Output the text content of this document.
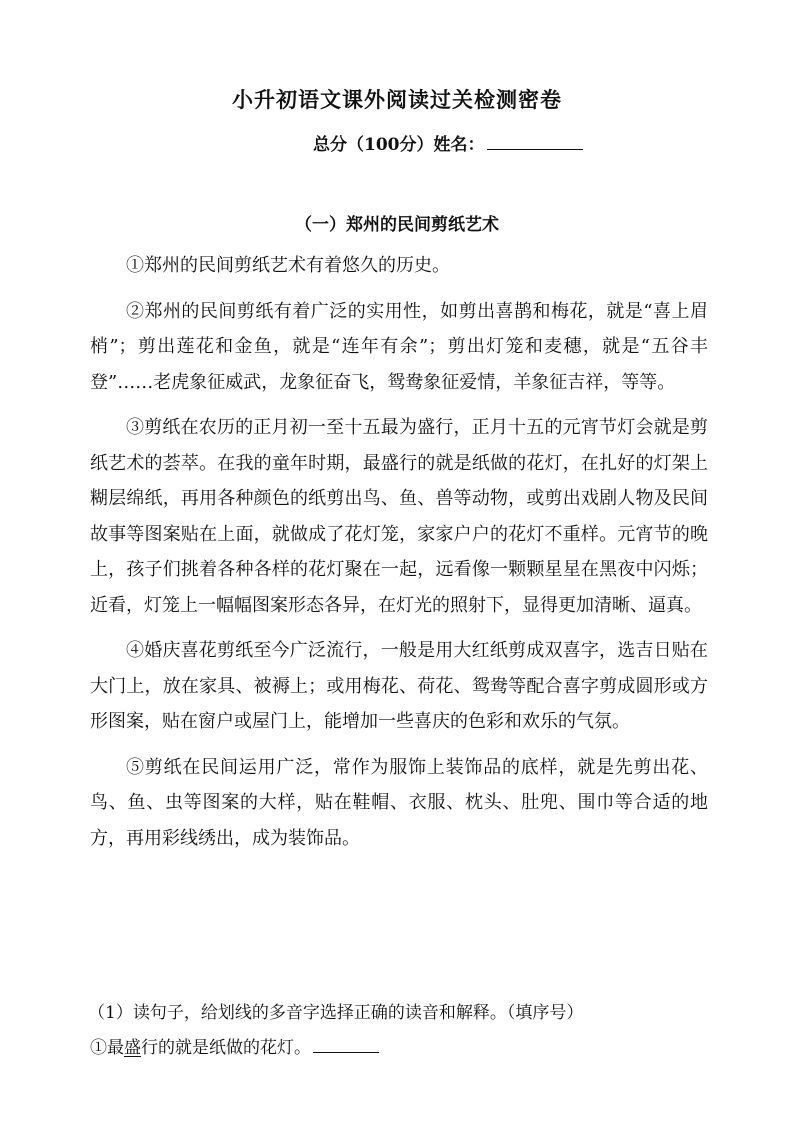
小升初语文课外阅读过关检测密卷
总分（100分）姓名：
（一）郑州的民间剪纸艺术

①郑州的民间剪纸艺术有着悠久的历史。

②郑州的民间剪纸有着广泛的实用性，如剪出喜鹊和梅花，就是“喜上眉梢”；剪出莲花和金鱼，就是“连年有余”；剪出灯笼和麦穗，就是“五谷丰登”……老虎象征威武，龙象征奋飞，鸳鸯象征爱情，羊象征吉祥，等等。

③剪纸在农历的正月初一至十五最为盛行，正月十五的元宵节灯会就是剪纸艺术的荟萃。在我的童年时期，最盛行的就是纸做的花灯，在扎好的灯架上糊层绵纸，再用各种颜色的纸剪出鸟、鱼、兽等动物，或剪出戏剧人物及民间故事等图案贴在上面，就做成了花灯笼，家家户户的花灯不重样。元宵节的晚上，孩子们挑着各种各样的花灯聚在一起，远看像一颗颗星星在黑夜中闪烁；近看，灯笼上一幅幅图案形态各异，在灯光的照射下，显得更加清晰、逼真。

④婚庆喜花剪纸至今广泛流行，一般是用大红纸剪成双喜字，选吉日贴在大门上，放在家具、被褥上；或用梅花、荷花、鸳鸯等配合喜字剪成圆形或方形图案，贴在窗户或屋门上，能增加一些喜庆的色彩和欢乐的气氛。

⑤剪纸在民间运用广泛，常作为服饰上装饰品的底样，就是先剪出花、鸟、鱼、虫等图案的大样，贴在鞋帽、衣服、枕头、肚兜、围巾等合适的地方，再用彩线绣出，成为装饰品。

（1）读句子，给划线的多音字选择正确的读音和解释。（填序号）

①最盛行的就是纸做的花灯。
